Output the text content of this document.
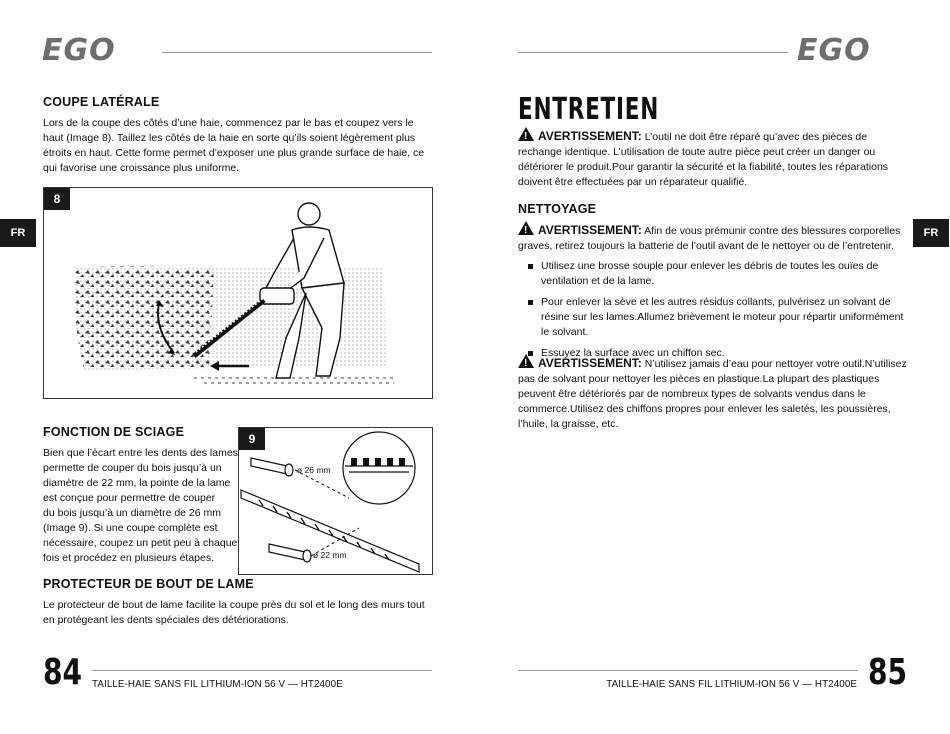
EGO
FR
COUPE LATÉRALE
Lors de la coupe des côtés d’une haie, commencez par le bas et coupez vers le haut (Image 8). Taillez les côtés de la haie en sorte qu’ils soient légèrement plus étroits en haut. Cette forme permet d’exposer une plus grande surface de haie, ce qui favorise une croissance plus uniforme.
8
FONCTION DE SCIAGE
Bien que l’écart entre les dents des lames
permette de couper du bois jusqu’à un
diamètre de 22 mm, la pointe de la lame
est conçue pour permettre de couper
du bois jusqu’à un diamètre de 26 mm
(Image 9). Si une coupe complète est
nécessaire, coupez un petit peu à chaque
fois et procédez en plusieurs étapes.
9
ø 26 mm
ø 22 mm
PROTECTEUR DE BOUT DE LAME
Le protecteur de bout de lame facilite la coupe près du sol et le long des murs tout en protégeant les dents spéciales des détériorations.
84 TAILLE-HAIE SANS FIL LITHIUM-ION 56 V — HT2400E
EGO
FR
ENTRETIEN
!AVERTISSEMENT: L’outil ne doit être réparé qu’avec des pièces de rechange identique. L’utilisation de toute autre pièce peut créer un danger ou détériorer le produit.Pour garantir la sécurité et la fiabilité, toutes les réparations doivent être effectuées par un réparateur qualifié.
NETTOYAGE
!AVERTISSEMENT: Afin de vous prémunir contre des blessures corporelles graves, retirez toujours la batterie de l’outil avant de le nettoyer ou de l’entretenir.
Utilisez une brosse souple pour enlever les débris de toutes les ouïes de ventilation et de la lame.
Pour enlever la sève et les autres résidus collants, pulvérisez un solvant de résine sur les lames.Allumez brièvement le moteur pour répartir uniformément le solvant.
Essuyez la surface avec un chiffon sec.
!AVERTISSEMENT: N’utilisez jamais d’eau pour nettoyer votre outil.N’utilisez pas de solvant pour nettoyer les pièces en plastique.La plupart des plastiques peuvent être détériorés par de nombreux types de solvants vendus dans le commerce.Utilisez des chiffons propres pour enlever les saletés, les poussières, l’huile, la graisse, etc.
TAILLE-HAIE SANS FIL LITHIUM-ION 56 V — HT2400E 85
